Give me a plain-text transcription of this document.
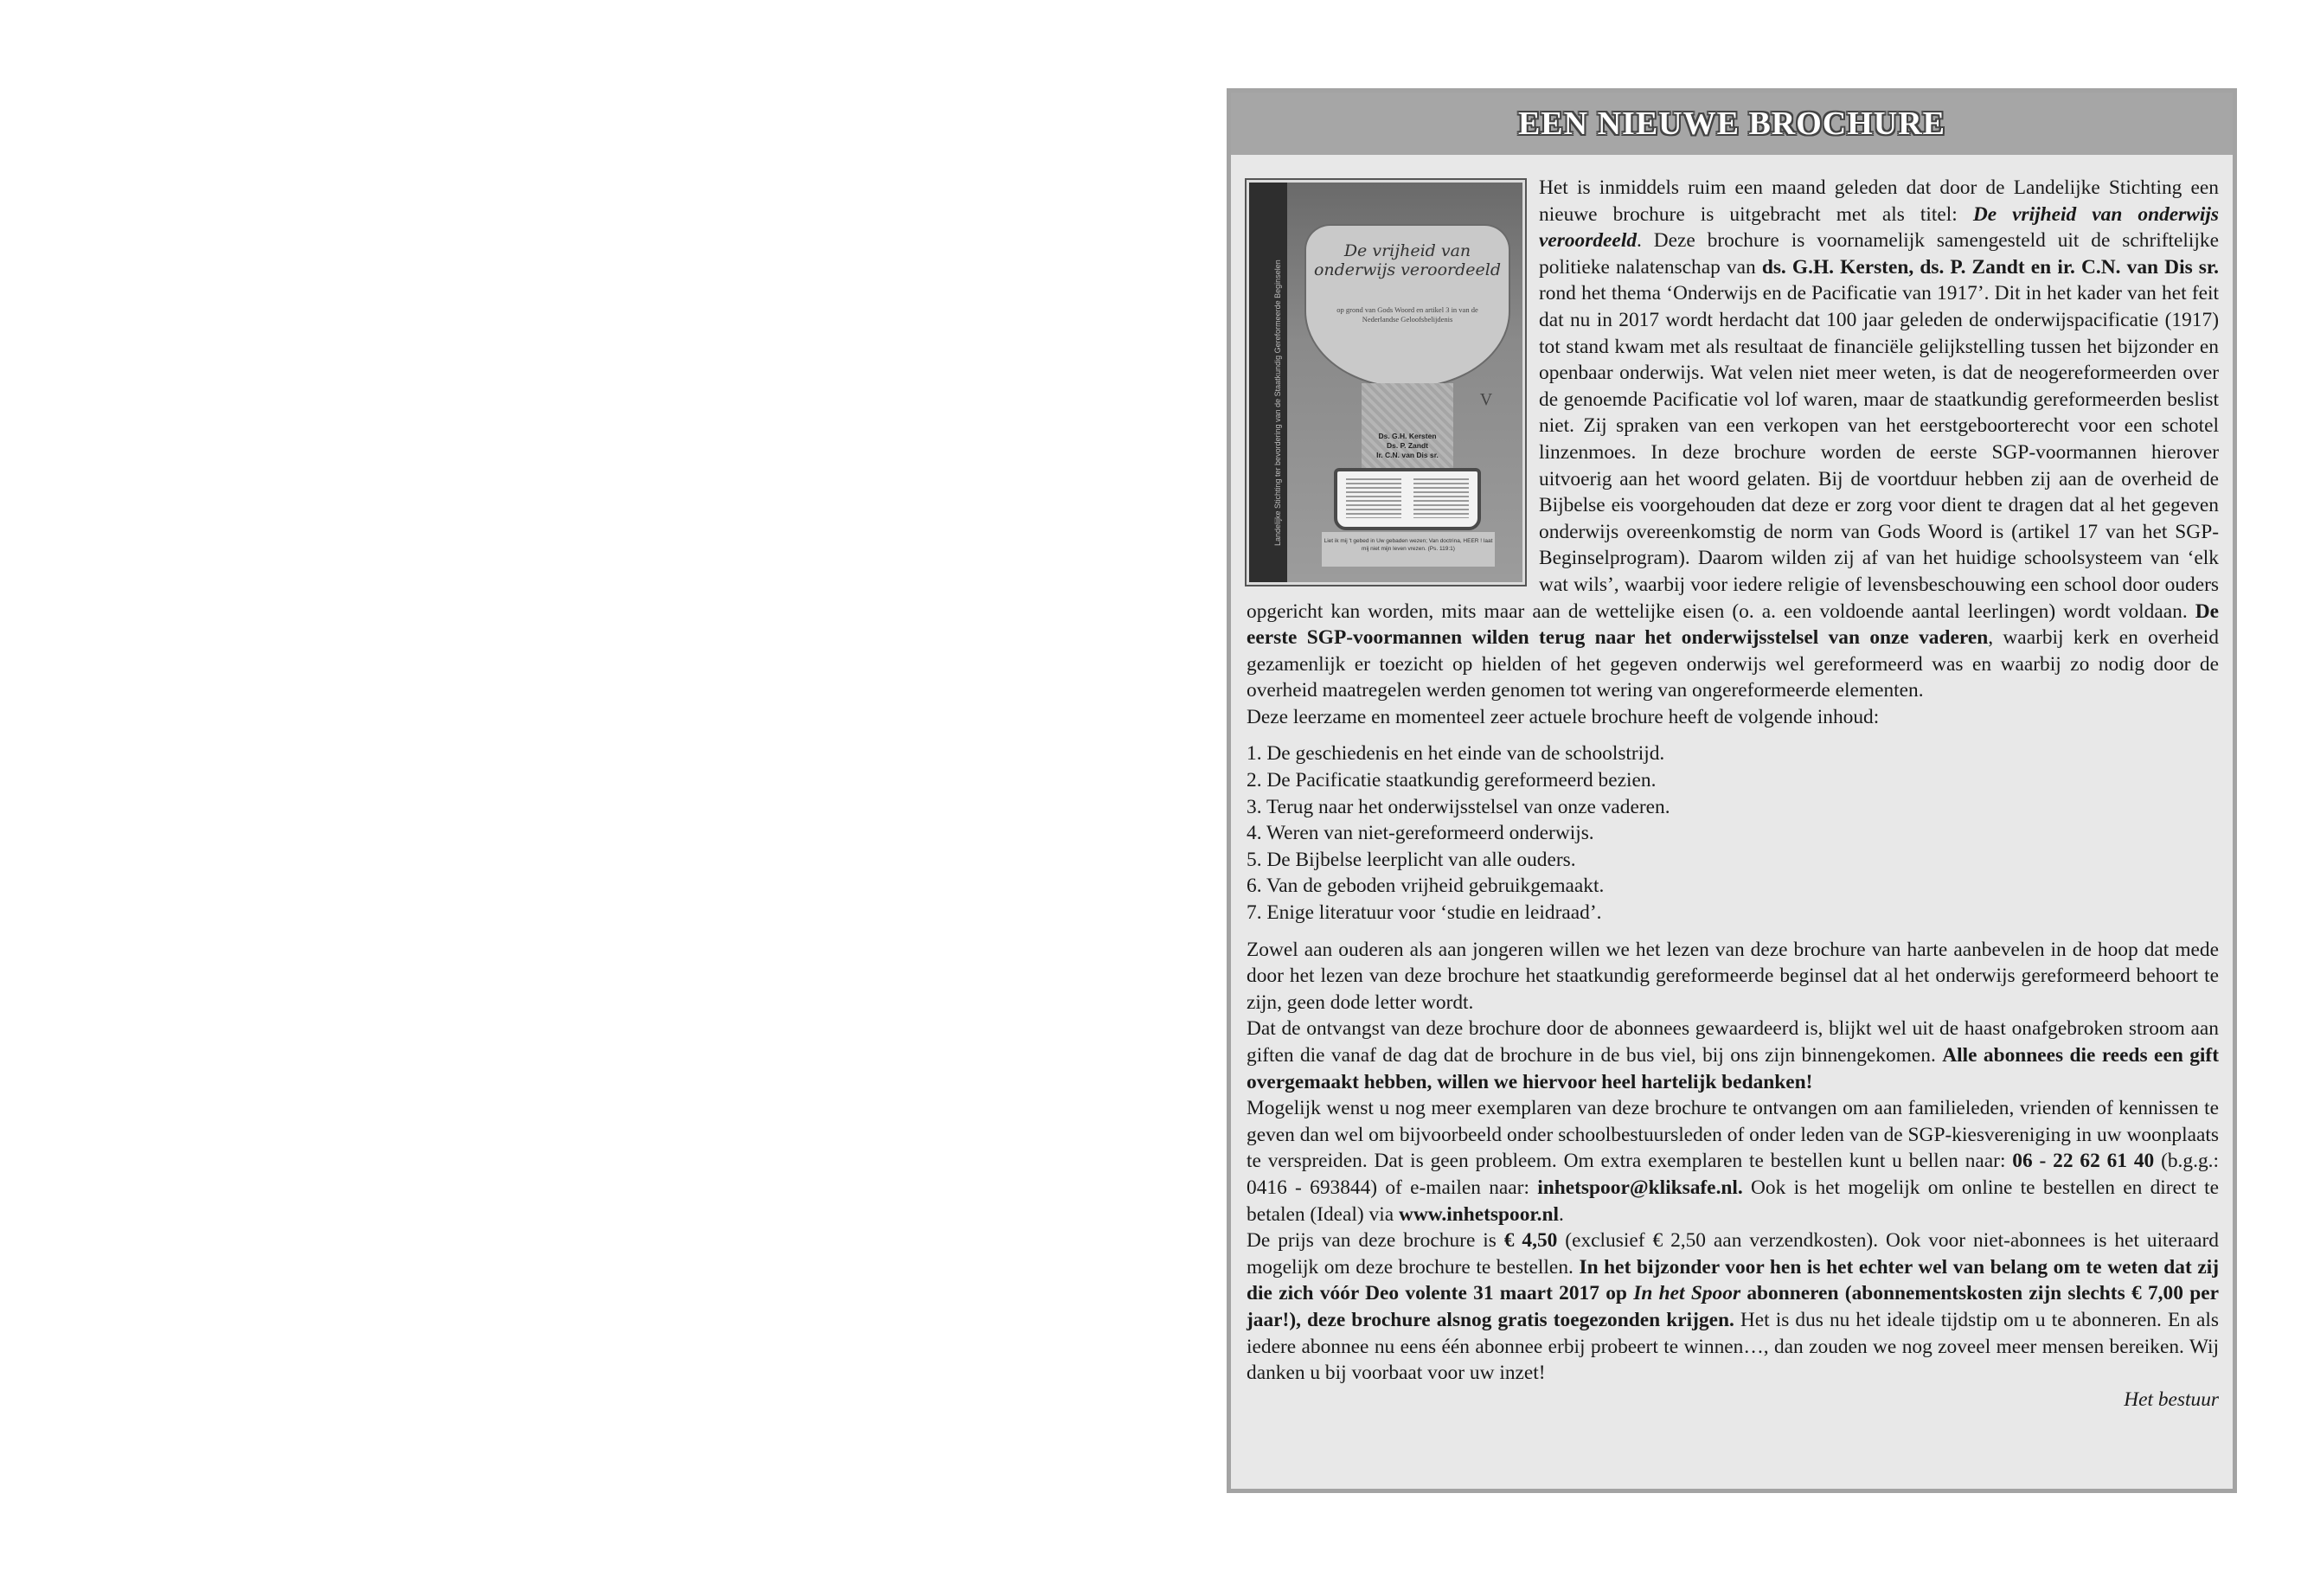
EEN NIEUWE BROCHURE
Landelijke Stichting ter bevordering van de Staatkundig Gereformeerde Beginselen
De vrijheid van onderwijs veroordeeld
op grond van Gods Woord en artikel 3 in van de Nederlandse Geloofsbelijdenis
V
Ds. G.H. Kersten
Ds. P. Zandt
Ir. C.N. van Dis sr.
Liet ik mij 't gebed in Uw gebaden wezen; Van doctrina, HEER ! laat mij niet mijn leven vrezen. (Ps. 119:1)

Het is inmiddels ruim een maand geleden dat door de Landelijke Stichting een nieuwe brochure is uitgebracht met als titel: De vrijheid van onderwijs veroordeeld. Deze brochure is voornamelijk samengesteld uit de schriftelijke politieke nalatenschap van ds. G.H. Kersten, ds. P. Zandt en ir. C.N. van Dis sr. rond het thema ‘Onderwijs en de Pacificatie van 1917’. Dit in het kader van het feit dat nu in 2017 wordt herdacht dat 100 jaar geleden de onderwijspacificatie (1917) tot stand kwam met als resultaat de financiële gelijkstelling tussen het bijzonder en openbaar onderwijs. Wat velen niet meer weten, is dat de neogereformeerden over de genoemde Pacificatie vol lof waren, maar de staatkundig gereformeerden beslist niet. Zij spraken van een verkopen van het eerstgeboorterecht voor een schotel linzenmoes. In deze brochure worden de eerste SGP-voormannen hierover uitvoerig aan het woord gelaten. Bij de voortduur hebben zij aan de overheid de Bijbelse eis voorgehouden dat deze er zorg voor dient te dragen dat al het gegeven onderwijs overeenkomstig de norm van Gods Woord is (artikel 17 van het SGP-Beginselprogram). Daarom wilden zij af van het huidige schoolsysteem van ‘elk wat wils’, waarbij voor iedere religie of levensbeschouwing een school door ouders opgericht kan worden, mits maar aan de wettelijke eisen (o. a. een voldoende aantal leerlingen) wordt voldaan. De eerste SGP-voormannen wilden terug naar het onderwijsstelsel van onze vaderen, waarbij kerk en overheid gezamenlijk er toezicht op hielden of het gegeven onderwijs wel gereformeerd was en waarbij zo nodig door de overheid maatregelen werden genomen tot wering van ongereformeerde elementen.

Deze leerzame en momenteel zeer actuele brochure heeft de volgende inhoud:

1. De geschiedenis en het einde van de schoolstrijd.
2. De Pacificatie staatkundig gereformeerd bezien.
3. Terug naar het onderwijsstelsel van onze vaderen.
4. Weren van niet-gereformeerd onderwijs.
5. De Bijbelse leerplicht van alle ouders.
6. Van de geboden vrijheid gebruikgemaakt.
7. Enige literatuur voor ‘studie en leidraad’.

Zowel aan ouderen als aan jongeren willen we het lezen van deze brochure van harte aanbevelen in de hoop dat mede door het lezen van deze brochure het staatkundig gereformeerde beginsel dat al het onderwijs gereformeerd behoort te zijn, geen dode letter wordt.

Dat de ontvangst van deze brochure door de abonnees gewaardeerd is, blijkt wel uit de haast onafgebroken stroom aan giften die vanaf de dag dat de brochure in de bus viel, bij ons zijn binnengekomen. Alle abonnees die reeds een gift overgemaakt hebben, willen we hiervoor heel hartelijk bedanken!

Mogelijk wenst u nog meer exemplaren van deze brochure te ontvangen om aan familieleden, vrienden of kennissen te geven dan wel om bijvoorbeeld onder schoolbestuursleden of onder leden van de SGP-kiesvereniging in uw woonplaats te verspreiden. Dat is geen probleem. Om extra exemplaren te bestellen kunt u bellen naar: 06 - 22 62 61 40 (b.g.g.: 0416 - 693844) of e-mailen naar: inhetspoor@kliksafe.nl. Ook is het mogelijk om online te bestellen en direct te betalen (Ideal) via www.inhetspoor.nl.

De prijs van deze brochure is € 4,50 (exclusief € 2,50 aan verzendkosten). Ook voor niet-abonnees is het uiteraard mogelijk om deze brochure te bestellen. In het bijzonder voor hen is het echter wel van belang om te weten dat zij die zich vóór Deo volente 31 maart 2017 op In het Spoor abonneren (abonnementskosten zijn slechts € 7,00 per jaar!), deze brochure alsnog gratis toegezonden krijgen. Het is dus nu het ideale tijdstip om u te abonneren. En als iedere abonnee nu eens één abonnee erbij probeert te winnen…, dan zouden we nog zoveel meer mensen bereiken. Wij danken u bij voorbaat voor uw inzet!

Het bestuur
